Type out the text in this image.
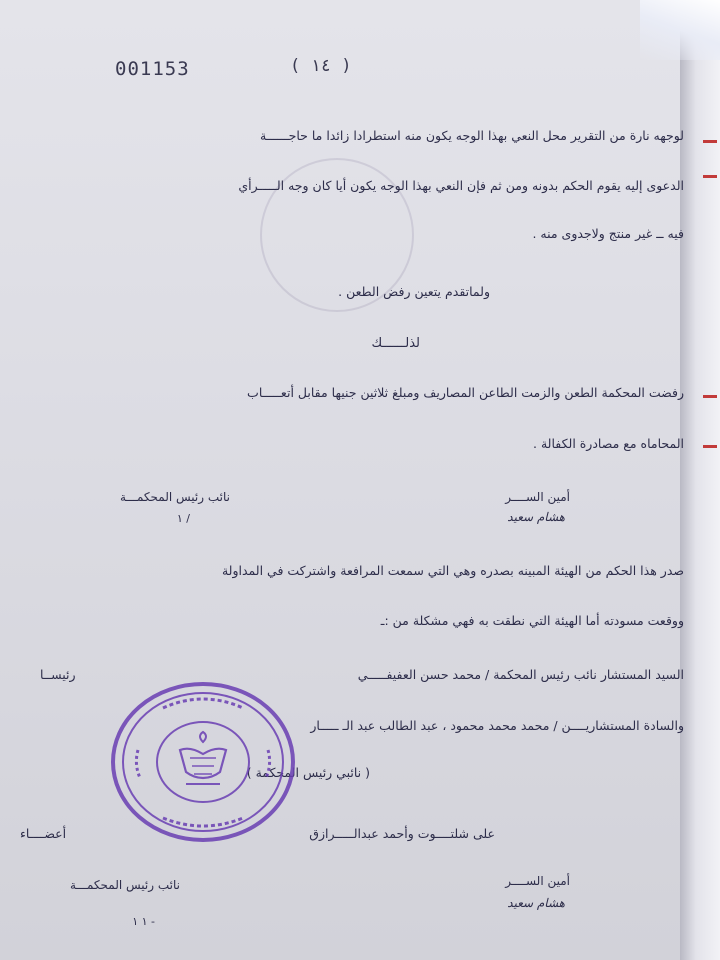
001153	( ١٤ )
لوجهه نارة من التقرير محل النعي بهذا الوجه يكون منه استطرادا زائدا ما حاجــــــة
الدعوى إليه يقوم الحكم بدونه ومن ثم فإن النعي بهذا الوجه يكون أيا كان وجه الـــــرأي
فيه ــ غير منتج ولاجدوى منه .
ولماتقدم يتعين رفض الطعن .
لذلــــــك
رفضت المحكمة الطعن والزمت الطاعن المصاريف ومبلغ ثلاثين جنيها مقابل أتعـــــاب
المحاماه مع مصادرة الكفالة .
أمين الســــر
هشام سعيد
نائب رئيس المحكمـــة
/ ١
صدر هذا الحكم من الهيئة المبينه بصدره وهي التي سمعت المرافعة واشتركت في المداولة
ووقعت مسودته أما الهيئة التي نطقت به فهي مشكلة من :ـ
السيد المستشار نائب رئيس المحكمة / محمد حسن العفيفـــــي
رئيســا
والسادة المستشاريــــن / محمد محمد محمود ، عبد الطالب عبد الـ ـــــار
( نائبي رئيس المحكمة )
على شلتــــوت وأحمد عبدالـــــرازق
أعضــــاء
أمين الســــر
هشام سعيد
نائب رئيس المحكمـــة
- ١ ١
